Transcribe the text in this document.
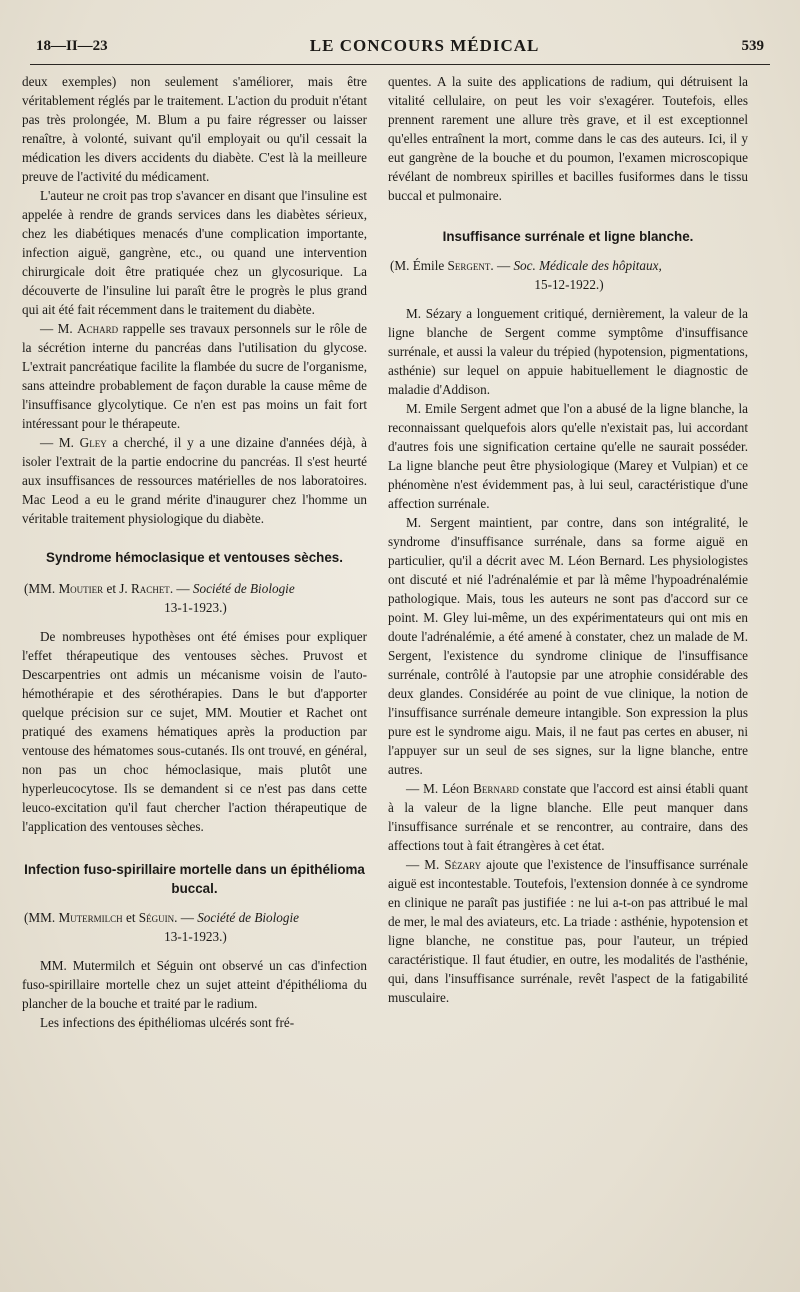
18—II—23	LE CONCOURS MÉDICAL	539

deux exemples) non seulement s'améliorer, mais être véritablement réglés par le traitement. L'action du produit n'étant pas très prolongée, M. Blum a pu faire régresser ou laisser renaître, à volonté, suivant qu'il employait ou qu'il cessait la médication les divers accidents du diabète. C'est là la meilleure preuve de l'activité du médicament.

L'auteur ne croit pas trop s'avancer en disant que l'insuline est appelée à rendre de grands services dans les diabètes sérieux, chez les diabétiques menacés d'une complication importante, infection aiguë, gangrène, etc., ou quand une intervention chirurgicale doit être pratiquée chez un glycosurique. La découverte de l'insuline lui paraît être le progrès le plus grand qui ait été fait récemment dans le traitement du diabète.

— M. Achard rappelle ses travaux personnels sur le rôle de la sécrétion interne du pancréas dans l'utilisation du glycose. L'extrait pancréatique facilite la flambée du sucre de l'organisme, sans atteindre probablement de façon durable la cause même de l'insuffisance glycolytique. Ce n'en est pas moins un fait fort intéressant pour le thérapeute.

— M. Gley a cherché, il y a une dizaine d'années déjà, à isoler l'extrait de la partie endocrine du pancréas. Il s'est heurté aux insuffisances de ressources matérielles de nos laboratoires. Mac Leod a eu le grand mérite d'inaugurer chez l'homme un véritable traitement physiologique du diabète.

Syndrome hémoclasique et ventouses sèches.

(MM. Moutier et J. Rachet. — Société de Biologie
13-1-1923.)

De nombreuses hypothèses ont été émises pour expliquer l'effet thérapeutique des ventouses sèches. Pruvost et Descarpentries ont admis un mécanisme voisin de l'auto-hémothérapie et des sérothérapies. Dans le but d'apporter quelque précision sur ce sujet, MM. Moutier et Rachet ont pratiqué des examens hématiques après la production par ventouse des hématomes sous-cutanés. Ils ont trouvé, en général, non pas un choc hémoclasique, mais plutôt une hyperleucocytose. Ils se demandent si ce n'est pas dans cette leuco-excitation qu'il faut chercher l'action thérapeutique de l'application des ventouses sèches.

Infection fuso-spirillaire mortelle dans un épithélioma buccal.

(MM. Mutermilch et Séguin. — Société de Biologie
13-1-1923.)

MM. Mutermilch et Séguin ont observé un cas d'infection fuso-spirillaire mortelle chez un sujet atteint d'épithélioma du plancher de la bouche et traité par le radium.

Les infections des épithéliomas ulcérés sont fré-

quentes. A la suite des applications de radium, qui détruisent la vitalité cellulaire, on peut les voir s'exagérer. Toutefois, elles prennent rarement une allure très grave, et il est exceptionnel qu'elles entraînent la mort, comme dans le cas des auteurs. Ici, il y eut gangrène de la bouche et du poumon, l'examen microscopique révélant de nombreux spirilles et bacilles fusiformes dans le tissu buccal et pulmonaire.

Insuffisance surrénale et ligne blanche.

(M. Émile Sergent. — Soc. Médicale des hôpitaux,
15-12-1922.)

M. Sézary a longuement critiqué, dernièrement, la valeur de la ligne blanche de Sergent comme symptôme d'insuffisance surrénale, et aussi la valeur du trépied (hypotension, pigmentations, asthénie) sur lequel on appuie habituellement le diagnostic de maladie d'Addison.

M. Emile Sergent admet que l'on a abusé de la ligne blanche, la reconnaissant quelquefois alors qu'elle n'existait pas, lui accordant d'autres fois une signification certaine qu'elle ne saurait posséder. La ligne blanche peut être physiologique (Marey et Vulpian) et ce phénomène n'est évidemment pas, à lui seul, caractéristique d'une affection surrénale.

M. Sergent maintient, par contre, dans son intégralité, le syndrome d'insuffisance surrénale, dans sa forme aiguë en particulier, qu'il a décrit avec M. Léon Bernard. Les physiologistes ont discuté et nié l'adrénalémie et par là même l'hypoadrénalémie pathologique. Mais, tous les auteurs ne sont pas d'accord sur ce point. M. Gley lui-même, un des expérimentateurs qui ont mis en doute l'adrénalémie, a été amené à constater, chez un malade de M. Sergent, l'existence du syndrome clinique de l'insuffisance surrénale, contrôlé à l'autopsie par une atrophie considérable des deux glandes. Considérée au point de vue clinique, la notion de l'insuffisance surrénale demeure intangible. Son expression la plus pure est le syndrome aigu. Mais, il ne faut pas certes en abuser, ni l'appuyer sur un seul de ses signes, sur la ligne blanche, entre autres.

— M. Léon Bernard constate que l'accord est ainsi établi quant à la valeur de la ligne blanche. Elle peut manquer dans l'insuffisance surrénale et se rencontrer, au contraire, dans des affections tout à fait étrangères à cet état.

— M. Sézary ajoute que l'existence de l'insuffisance surrénale aiguë est incontestable. Toutefois, l'extension donnée à ce syndrome en clinique ne paraît pas justifiée : ne lui a-t-on pas attribué le mal de mer, le mal des aviateurs, etc. La triade : asthénie, hypotension et ligne blanche, ne constitue pas, pour l'auteur, un trépied caractéristique. Il faut étudier, en outre, les modalités de l'asthénie, qui, dans l'insuffisance surrénale, revêt l'aspect de la fatigabilité musculaire.
